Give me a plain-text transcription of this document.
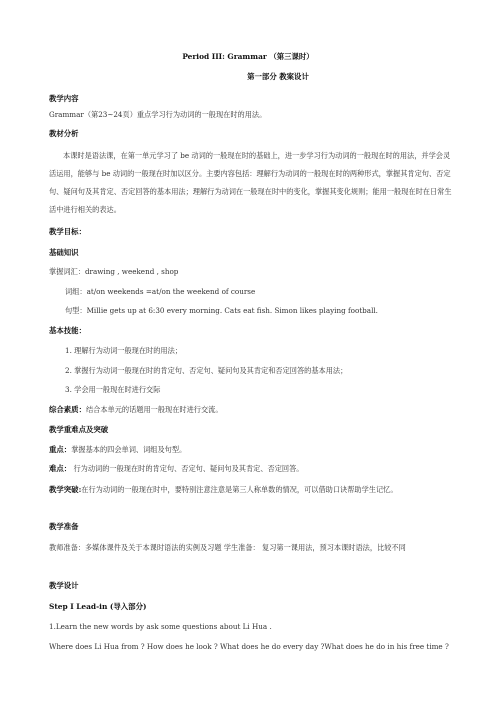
Period III: Grammar （第三课时）
第一部分 教案设计
教学内容
Grammar（第23~24页）重点学习行为动词的一般现在时的用法。
教材分析
本课时是语法课，在第一单元学习了 be 动词的一般现在时的基础上，进一步学习行为动词的一般现在时的用法，并学会灵活运用，能够与 be 动词的一般现在时加以区分。主要内容包括：理解行为动词的一般现在时的两种形式，掌握其肯定句、否定句、疑问句及其肯定、否定回答的基本用法；理解行为动词在一般现在时中的变化，掌握其变化规则；能用一般现在时在日常生活中进行相关的表达。
教学目标：
基础知识
掌握词汇：drawing , weekend , shop
词组：at/on weekends =at/on the weekend of course
句型：Millie gets up at 6:30 every morning. Cats eat fish. Simon likes playing football.
基本技能：
1. 理解行为动词一般现在时的用法；
2. 掌握行为动词一般现在时的肯定句、否定句、疑问句及其肯定和否定回答的基本用法；
3. 学会用一般现在时进行交际
综合素质：结合本单元的话题用一般现在时进行交流。
教学重难点及突破
重点：掌握基本的四会单词、词组及句型。
难点： 行为动词的一般现在时的肯定句、否定句、疑问句及其肯定、否定回答。
教学突破:在行为动词的一般现在时中，要特别注意注意是第三人称单数的情况，可以借助口诀帮助学生记忆。
教学准备
教师准备：多媒体课件及关于本课时语法的实例及习题 学生准备： 复习第一课用法，预习本课时语法，比较不同
教学设计
Step I Lead-in (导入部分)
1.Learn the new words by ask some questions about Li Hua .
Where does Li Hua from ? How does he look ? What does he do every day ?What does he do in his free time ?
